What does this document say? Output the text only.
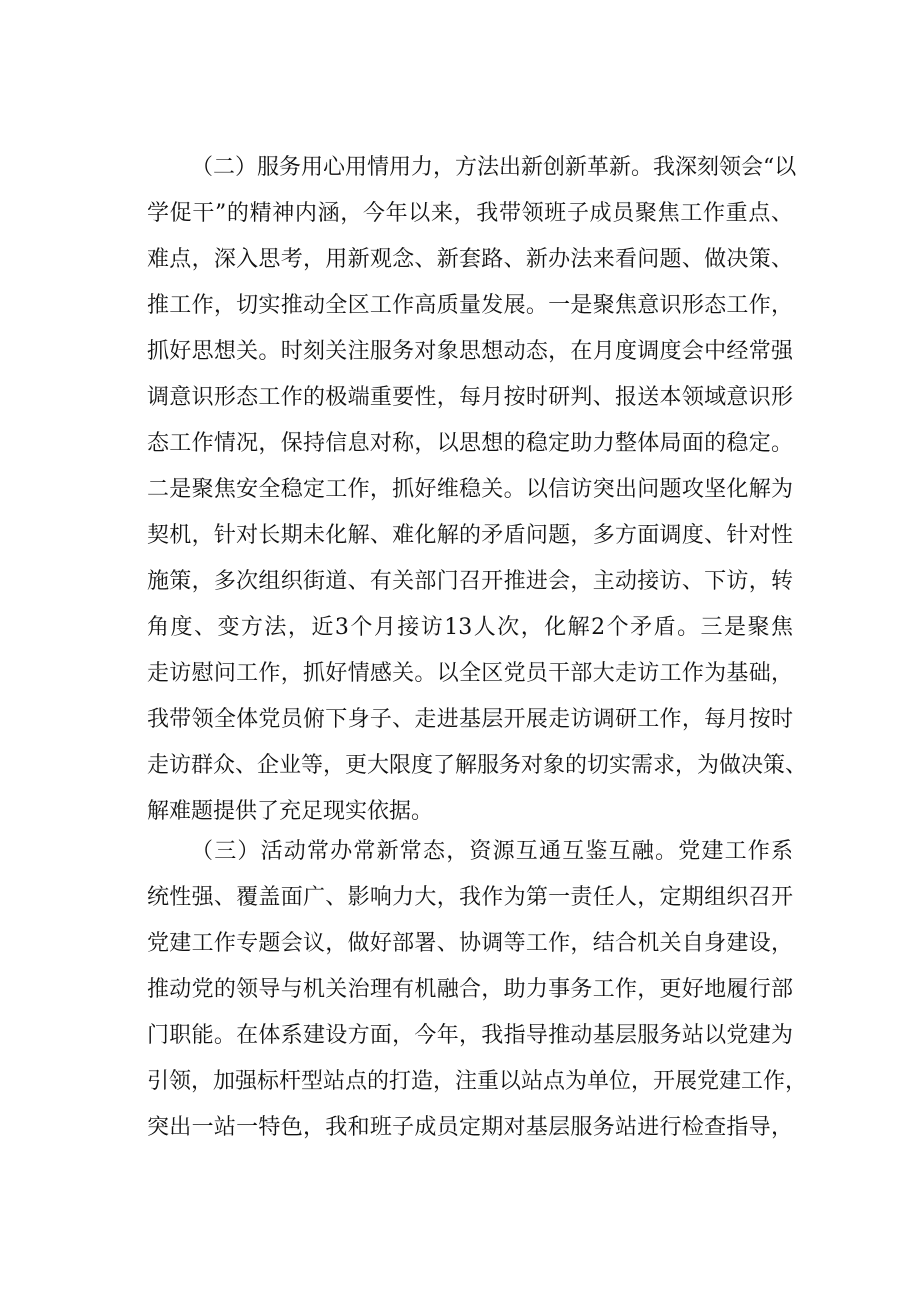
（二）服务用心用情用力，方法出新创新革新。我深刻领会“以
学促干”的精神内涵，今年以来，我带领班子成员聚焦工作重点、
难点，深入思考，用新观念、新套路、新办法来看问题、做决策、
推工作，切实推动全区工作高质量发展。一是聚焦意识形态工作，
抓好思想关。时刻关注服务对象思想动态，在月度调度会中经常强
调意识形态工作的极端重要性，每月按时研判、报送本领域意识形
态工作情况，保持信息对称，以思想的稳定助力整体局面的稳定。
二是聚焦安全稳定工作，抓好维稳关。以信访突出问题攻坚化解为
契机，针对长期未化解、难化解的矛盾问题，多方面调度、针对性
施策，多次组织街道、有关部门召开推进会，主动接访、下访，转
角度、变方法，近3个月接访13人次，化解2个矛盾。三是聚焦
走访慰问工作，抓好情感关。以全区党员干部大走访工作为基础，
我带领全体党员俯下身子、走进基层开展走访调研工作，每月按时
走访群众、企业等，更大限度了解服务对象的切实需求，为做决策、
解难题提供了充足现实依据。
（三）活动常办常新常态，资源互通互鉴互融。党建工作系
统性强、覆盖面广、影响力大，我作为第一责任人，定期组织召开
党建工作专题会议，做好部署、协调等工作，结合机关自身建设，
推动党的领导与机关治理有机融合，助力事务工作，更好地履行部
门职能。在体系建设方面，今年，我指导推动基层服务站以党建为
引领，加强标杆型站点的打造，注重以站点为单位，开展党建工作，
突出一站一特色，我和班子成员定期对基层服务站进行检查指导，
